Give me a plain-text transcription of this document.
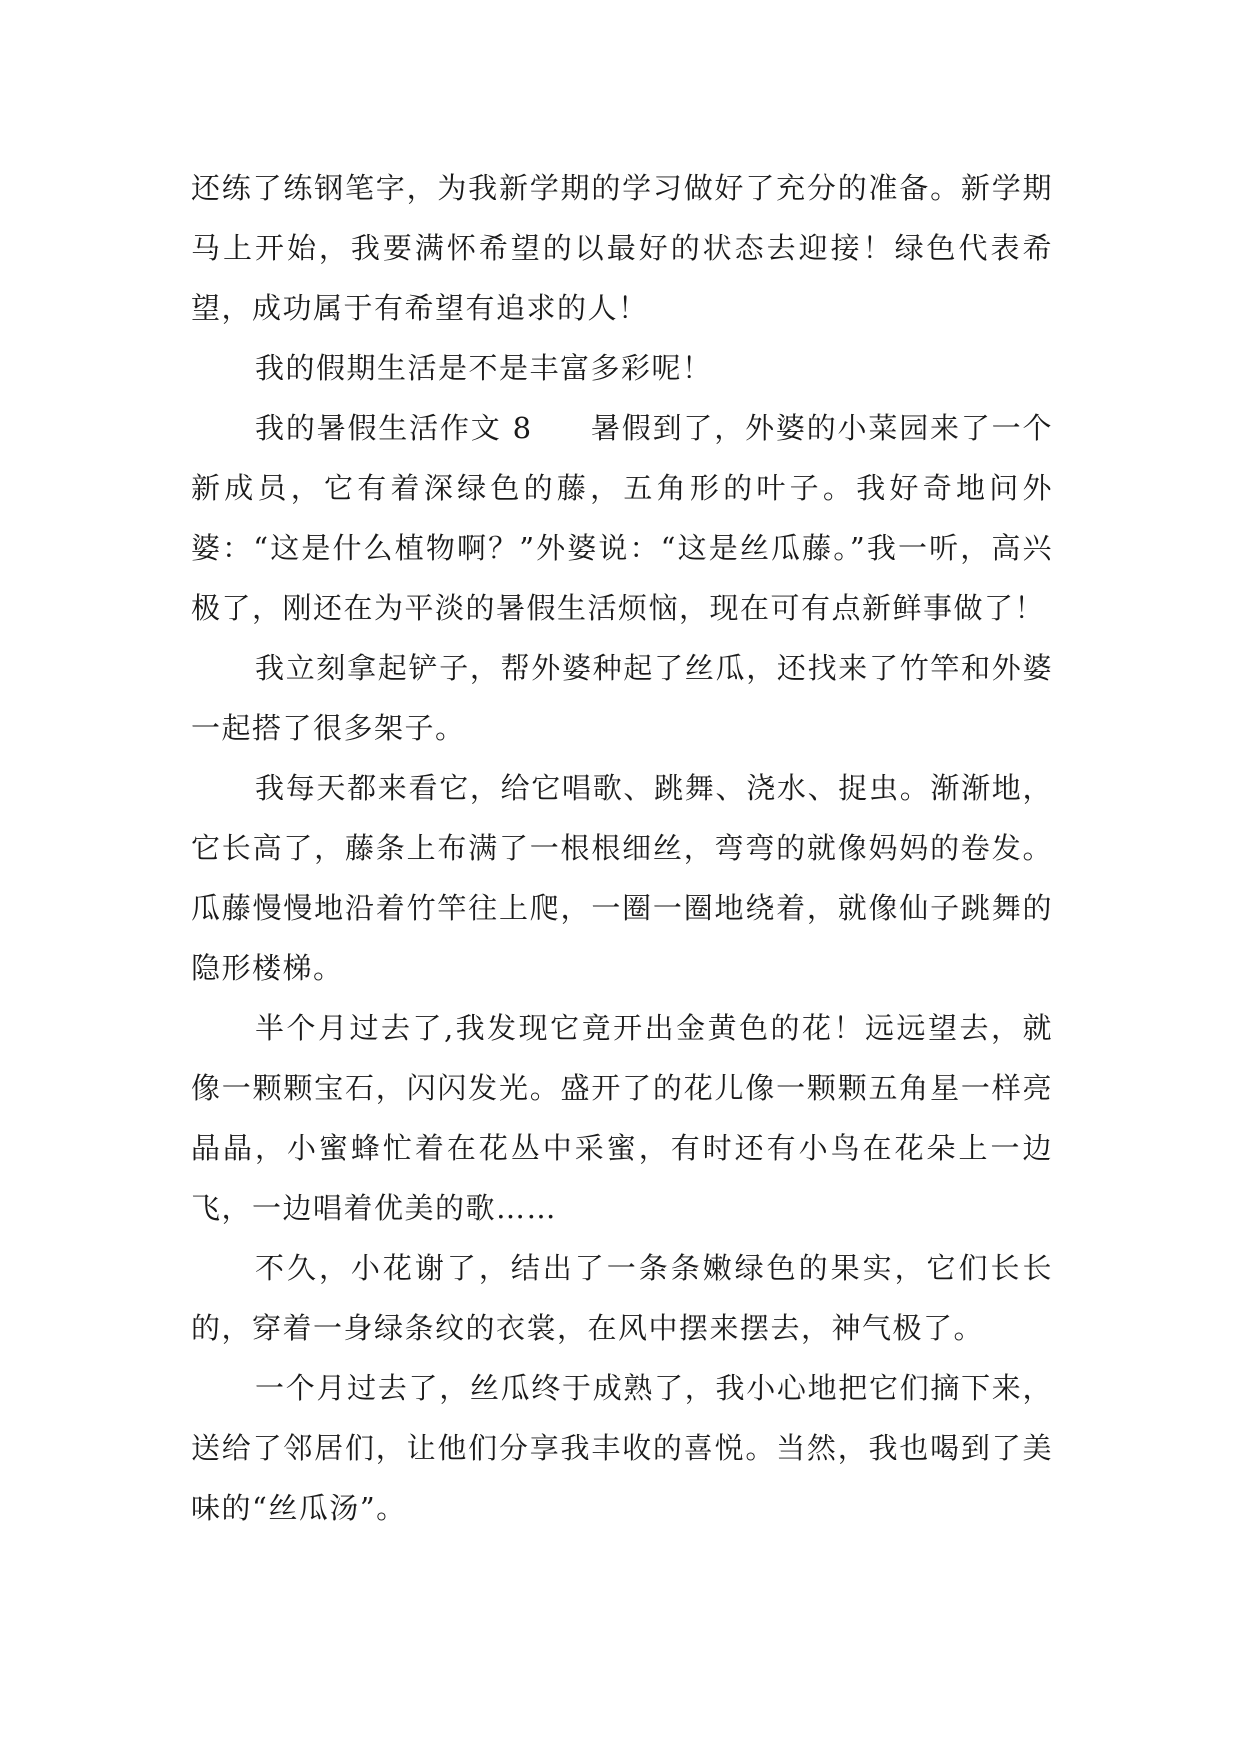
还练了练钢笔字，为我新学期的学习做好了充分的准备。新学期马上开始，我要满怀希望的以最好的状态去迎接！绿色代表希望，成功属于有希望有追求的人！

我的假期生活是不是丰富多彩呢！

我的暑假生活作文 8 暑假到了，外婆的小菜园来了一个新成员，它有着深绿色的藤，五角形的叶子。我好奇地问外婆：“这是什么植物啊？”外婆说：“这是丝瓜藤。”我一听，高兴极了，刚还在为平淡的暑假生活烦恼，现在可有点新鲜事做了！

我立刻拿起铲子，帮外婆种起了丝瓜，还找来了竹竿和外婆一起搭了很多架子。

我每天都来看它，给它唱歌、跳舞、浇水、捉虫。渐渐地，它长高了，藤条上布满了一根根细丝，弯弯的就像妈妈的卷发。瓜藤慢慢地沿着竹竿往上爬，一圈一圈地绕着，就像仙子跳舞的隐形楼梯。

半个月过去了,我发现它竟开出金黄色的花！远远望去，就像一颗颗宝石，闪闪发光。盛开了的花儿像一颗颗五角星一样亮晶晶，小蜜蜂忙着在花丛中采蜜，有时还有小鸟在花朵上一边飞，一边唱着优美的歌……

不久，小花谢了，结出了一条条嫩绿色的果实，它们长长的，穿着一身绿条纹的衣裳，在风中摆来摆去，神气极了。

一个月过去了，丝瓜终于成熟了，我小心地把它们摘下来，送给了邻居们，让他们分享我丰收的喜悦。当然，我也喝到了美味的“丝瓜汤”。
